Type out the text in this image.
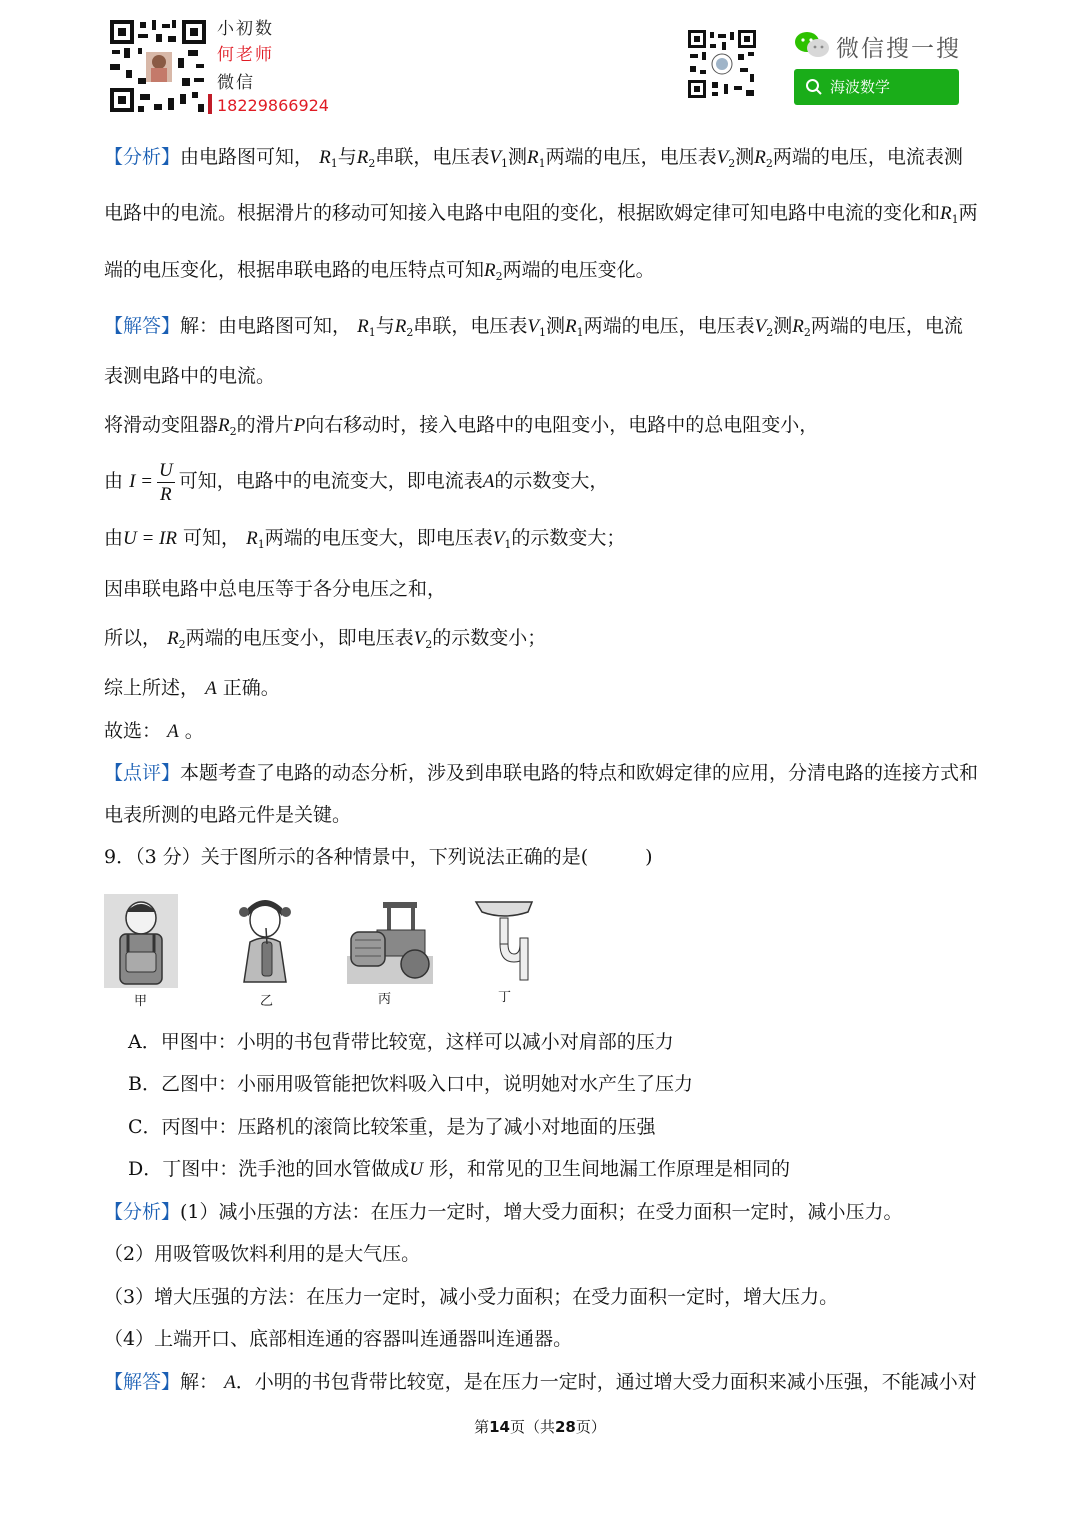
小初数
何老师
微信
18229866924
微信搜一搜
海波数学
【分析】由电路图可知， $R_1$与$R_2$串联，电压表$V_1$测$R_1$两端的电压，电压表$V_2$测$R_2$两端的电压，电流表测
电路中的电流。根据滑片的移动可知接入电路中电阻的变化，根据欧姆定律可知电路中电流的变化和$R_1$两
端的电压变化，根据串联电路的电压特点可知$R_2$两端的电压变化。
【解答】解：由电路图可知， $R_1$与$R_2$串联，电压表$V_1$测$R_1$两端的电压，电压表$V_2$测$R_2$两端的电压，电流
表测电路中的电流。
将滑动变阻器$R_2$的滑片P向右移动时，接入电路中的电阻变小，电路中的总电阻变小，
由 $I = \frac{U}{R}$ 可知，电路中的电流变大，即电流表A的示数变大，
由U = IR 可知， $R_1$两端的电压变大，即电压表$V_1$的示数变大；
因串联电路中总电压等于各分电压之和，
所以， $R_2$两端的电压变小，即电压表$V_2$的示数变小；
综上所述， A 正确。
故选： A 。
【点评】本题考查了电路的动态分析，涉及到串联电路的特点和欧姆定律的应用，分清电路的连接方式和
电表所测的电路元件是关键。
9．（3 分）关于图所示的各种情景中，下列说法正确的是(　　　)
甲	乙	丙	丁
A．甲图中：小明的书包背带比较宽，这样可以减小对肩部的压力
B．乙图中：小丽用吸管能把饮料吸入口中，说明她对水产生了压力
C．丙图中：压路机的滚筒比较笨重，是为了减小对地面的压强
D．丁图中：洗手池的回水管做成U 形，和常见的卫生间地漏工作原理是相同的
【分析】(1）减小压强的方法：在压力一定时，增大受力面积；在受力面积一定时，减小压力。
（2）用吸管吸饮料利用的是大气压。
（3）增大压强的方法：在压力一定时，减小受力面积；在受力面积一定时，增大压力。
（4）上端开口、底部相连通的容器叫连通器叫连通器。
【解答】解： A．小明的书包背带比较宽，是在压力一定时，通过增大受力面积来减小压强，不能减小对
第14页（共28页）
